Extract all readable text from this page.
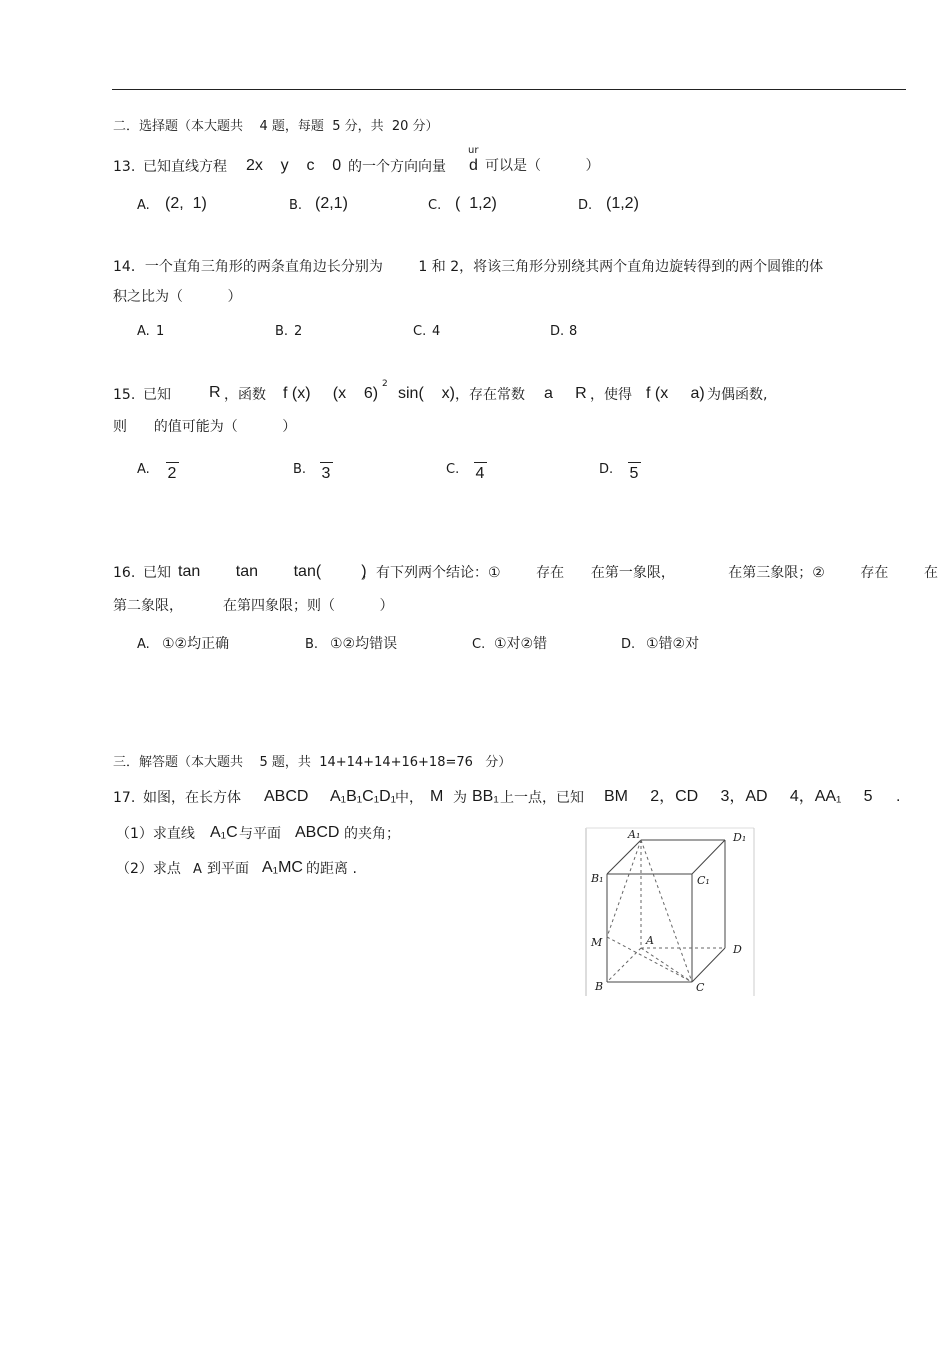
二．选择题（本大题共    4 题，每题  5 分，共  20 分）
13. 已知直线方程 2x    y    c    0 的一个方向向量
ur
d 可以是（          ）
A. (2,  1)	B. (2,1)	C. (  1,2)	D. (1,2)
14．一个直角三角形的两条直角边长分别为        1 和 2，将该三角形分别绕其两个直角边旋转得到的两个圆锥的体
积之比为（          ）
A. 1	B. 2	C. 4	D. 8
15. 已知 R ，函数 f (x)     (x    6)
2
sin(    x) ，存在常数 a     R ，使得 f (x     a) 为偶函数,
则      的值可能为（          ）
A. 2	B. 3	C. 4	D. 5
16. 已知 tan        tan        tan(         )
，有下列两个结论：①        存在      在第一象限，            在第三象限；②        存在        在
第二象限，         在第四象限；则（          ）
A. ①②均正确	B. ①②均错误	C. ①对②错	D. ①错②对
三．解答题（本大题共    5 题，共  14+14+14+16+18=76   分）
17. 如图，在长方体 ABCD A₁B₁C₁D₁
中， M 为 BB₁ 上一点，已知 BM     2，CD     3，AD     4，AA₁     5 .
（1）求直线 A₁C 与平面 ABCD 的夹角；
（2）求点 A 到平面 A₁MC 的距离 .
A₁	D₁
B₁	C₁
M	A
D
B	C
